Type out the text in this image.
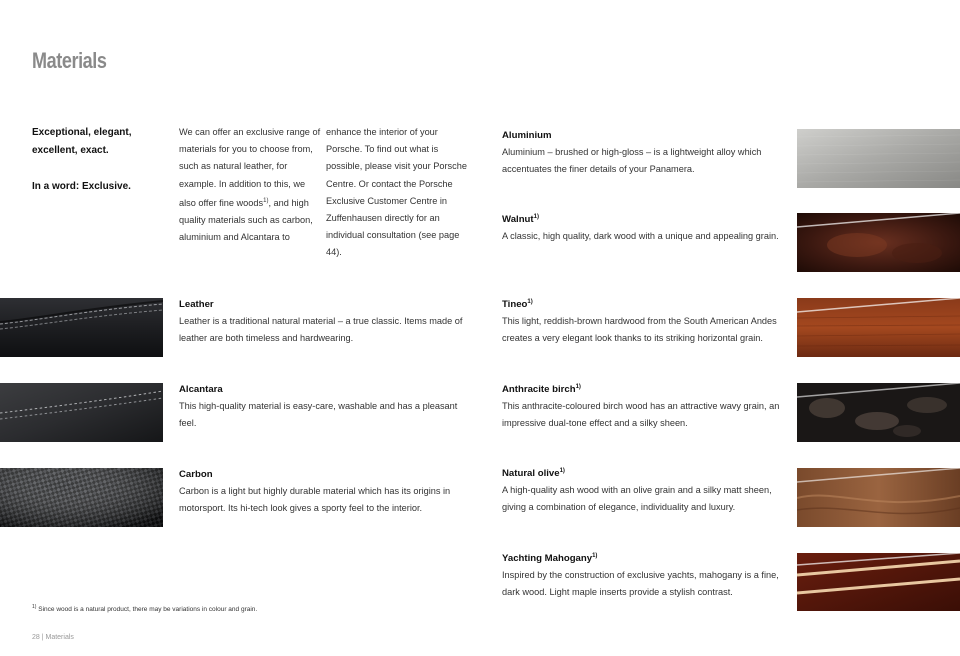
Materials

Exceptional, elegant, excellent, exact.

In a word: Exclusive.

We can offer an exclusive range of materials for you to choose from, such as natural leather, for example. In addition to this, we also offer fine woods$^{1)}$, and high quality materials such as carbon, aluminium and Alcantara to
enhance the interior of your Porsche. To find out what is possible, please visit your Porsche Centre. Or contact the Porsche Exclusive Customer Centre in Zuffenhausen directly for an individual consultation (see page 44).
Leather
Leather is a traditional natural material – a true classic. Items made of leather are both timeless and hardwearing.
Alcantara
This high-quality material is easy-care, washable and has a pleasant feel.
Carbon
Carbon is a light but highly durable material which has its origins in motorsport. Its hi-tech look gives a sporty feel to the interior.
Aluminium
Aluminium – brushed or high-gloss – is a lightweight alloy which accentuates the finer details of your Panamera.
Walnut$^{1)}$
A classic, high quality, dark wood with a unique and appealing grain.
Tineo$^{1)}$
This light, reddish-brown hardwood from the South American Andes creates a very elegant look thanks to its striking horizontal grain.
Anthracite birch$^{1)}$
This anthracite-coloured birch wood has an attractive wavy grain, an impressive dual-tone effect and a silky sheen.
Natural olive$^{1)}$
A high-quality ash wood with an olive grain and a silky matt sheen, giving a combination of elegance, individuality and luxury.
Yachting Mahogany$^{1)}$
Inspired by the construction of exclusive yachts, mahogany is a fine, dark wood. Light maple inserts provide a stylish contrast.
$^{1)}$ Since wood is a natural product, there may be variations in colour and grain.
28 | Materials
